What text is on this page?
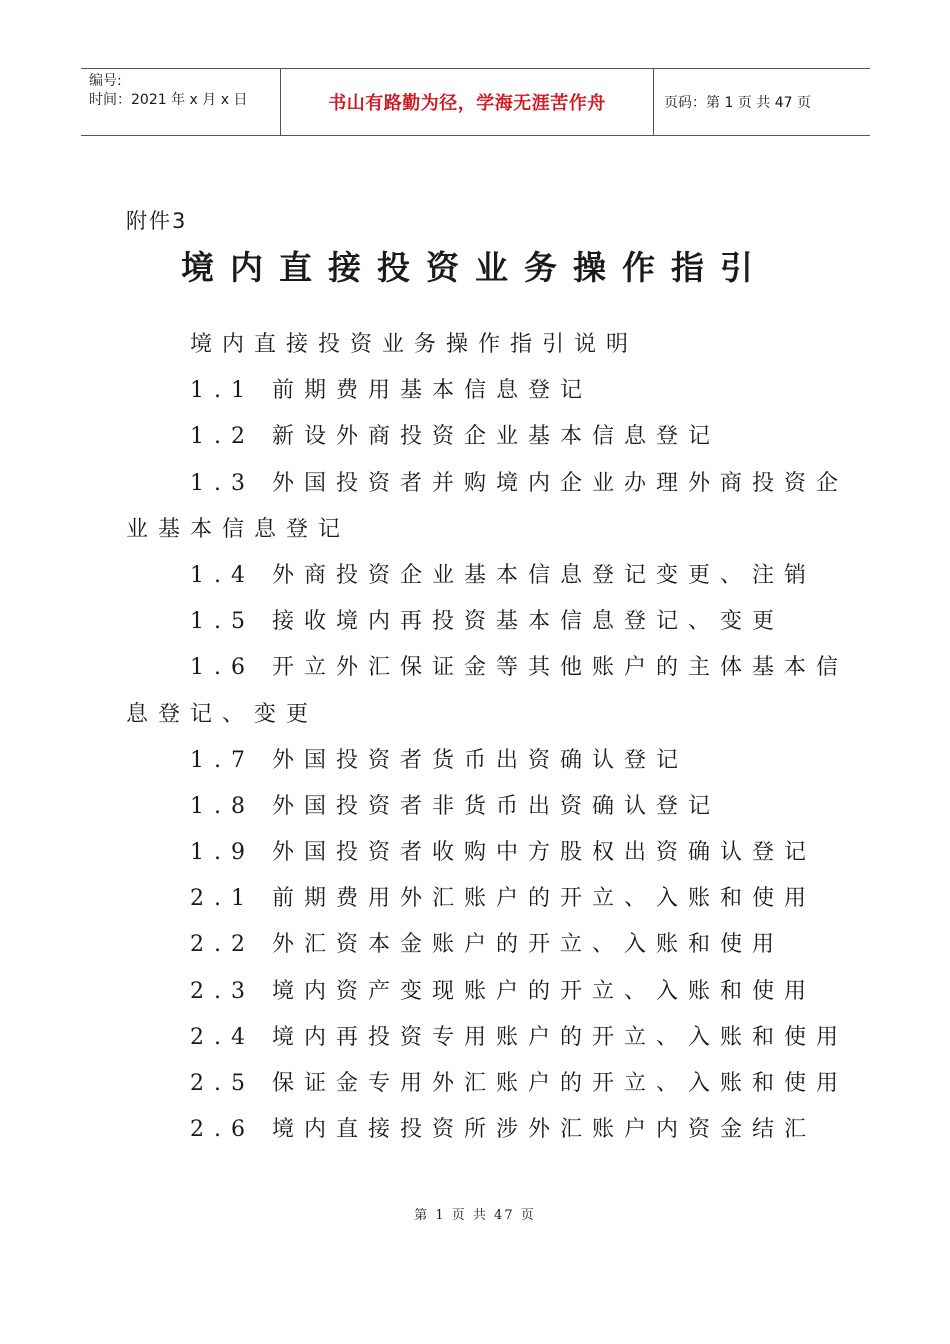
编号:
时间：2021 年 x 月 x 日	书山有路勤为径，学海无涯苦作舟	页码：第 1 页 共 47 页
附件3
境内直接投资业务操作指引
境内直接投资业务操作指引说明
1.1 前期费用基本信息登记
1.2 新设外商投资企业基本信息登记
1.3 外国投资者并购境内企业办理外商投资企
业基本信息登记
1.4 外商投资企业基本信息登记变更、注销
1.5 接收境内再投资基本信息登记、变更
1.6 开立外汇保证金等其他账户的主体基本信
息登记、变更
1.7 外国投资者货币出资确认登记
1.8 外国投资者非货币出资确认登记
1.9 外国投资者收购中方股权出资确认登记
2.1 前期费用外汇账户的开立、入账和使用
2.2 外汇资本金账户的开立、入账和使用
2.3 境内资产变现账户的开立、入账和使用
2.4 境内再投资专用账户的开立、入账和使用
2.5 保证金专用外汇账户的开立、入账和使用
2.6 境内直接投资所涉外汇账户内资金结汇
第 1 页 共 47 页
